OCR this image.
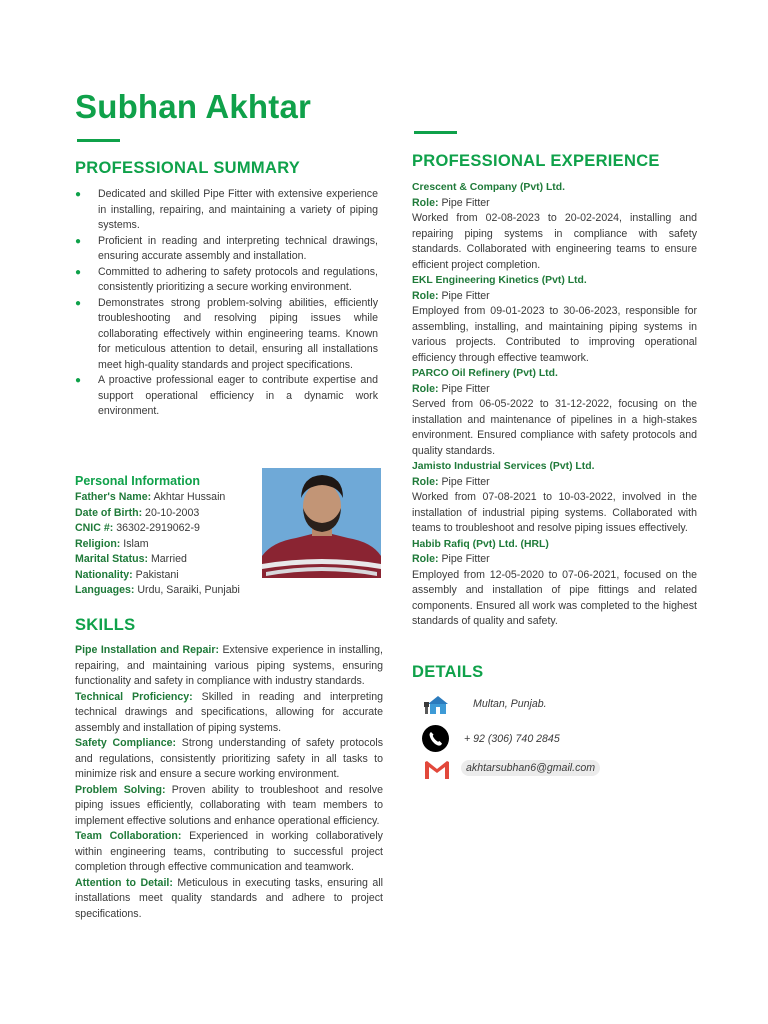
Subhan Akhtar
PROFESSIONAL SUMMARY
● Dedicated and skilled Pipe Fitter with extensive experience in installing, repairing, and maintaining a variety of piping systems.
● Proficient in reading and interpreting technical drawings, ensuring accurate assembly and installation.
● Committed to adhering to safety protocols and regulations, consistently prioritizing a secure working environment.
● Demonstrates strong problem-solving abilities, efficiently troubleshooting and resolving piping issues while collaborating effectively within engineering teams. Known for meticulous attention to detail, ensuring all installations meet high-quality standards and project specifications.
● A proactive professional eager to contribute expertise and support operational efficiency in a dynamic work environment.
Personal Information
Father's Name: Akhtar Hussain
Date of Birth: 20-10-2003
CNIC #: 36302-2919062-9
Religion: Islam
Marital Status: Married
Nationality: Pakistani
Languages: Urdu, Saraiki, Punjabi
SKILLS

Pipe Installation and Repair: Extensive experience in installing, repairing, and maintaining various piping systems, ensuring functionality and safety in compliance with industry standards.

Technical Proficiency: Skilled in reading and interpreting technical drawings and specifications, allowing for accurate assembly and installation of piping systems.

Safety Compliance: Strong understanding of safety protocols and regulations, consistently prioritizing safety in all tasks to minimize risk and ensure a secure working environment.

Problem Solving: Proven ability to troubleshoot and resolve piping issues efficiently, collaborating with team members to implement effective solutions and enhance operational efficiency.

Team Collaboration: Experienced in working collaboratively within engineering teams, contributing to successful project completion through effective communication and teamwork.

Attention to Detail: Meticulous in executing tasks, ensuring all installations meet quality standards and adhere to project specifications.

PROFESSIONAL EXPERIENCE
Crescent & Company (Pvt) Ltd.
Role: Pipe Fitter

Worked from 02-08-2023 to 20-02-2024, installing and repairing piping systems in compliance with safety standards. Collaborated with engineering teams to ensure efficient project completion.

EKL Engineering Kinetics (Pvt) Ltd.
Role: Pipe Fitter

Employed from 09-01-2023 to 30-06-2023, responsible for assembling, installing, and maintaining piping systems in various projects. Contributed to improving operational efficiency through effective teamwork.

PARCO Oil Refinery (Pvt) Ltd.
Role: Pipe Fitter

Served from 06-05-2022 to 31-12-2022, focusing on the installation and maintenance of pipelines in a high-stakes environment. Ensured compliance with safety protocols and quality standards.

Jamisto Industrial Services (Pvt) Ltd.
Role: Pipe Fitter

Worked from 07-08-2021 to 10-03-2022, involved in the installation of industrial piping systems. Collaborated with teams to troubleshoot and resolve piping issues effectively.

Habib Rafiq (Pvt) Ltd. (HRL)
Role: Pipe Fitter

Employed from 12-05-2020 to 07-06-2021, focused on the assembly and installation of pipe fittings and related components. Ensured all work was completed to the highest standards of quality and safety.

DETAILS
Multan, Punjab.
+ 92 (306) 740 2845
akhtarsubhan6@gmail.com
